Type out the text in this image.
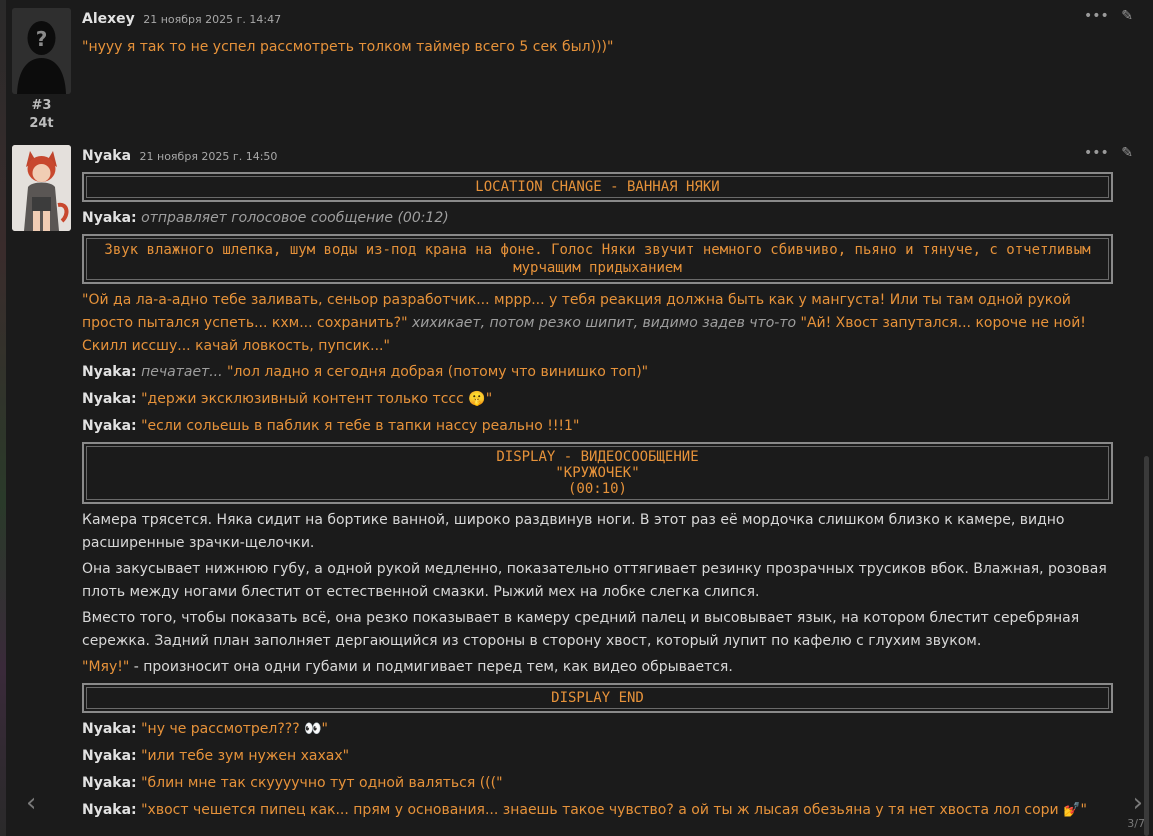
?
#3
24t
Alexey 21 ноября 2025 г. 14:47	••• ✎
"нууу я так то не успел рассмотреть толком таймер всего 5 сек был)))"
Nyaka 21 ноября 2025 г. 14:50	••• ✎
LOCATION CHANGE - ВАННАЯ НЯКИ
Nyaka: отправляет голосовое сообщение (00:12)
Звук влажного шлепка, шум воды из-под крана на фоне. Голос Няки звучит немного сбивчиво, пьяно и тянуче, с отчетливым мурчащим придыханием
"Ой да ла-а-адно тебе заливать, сеньор разработчик... мррр... у тебя реакция должна быть как у мангуста! Или ты там одной рукой просто пытался успеть... кхм... сохранить?" хихикает, потом резко шипит, видимо задев что-то "Ай! Хвост запутался... короче не ной! Скилл иссшу... качай ловкость, пупсик..."
Nyaka: печатает... "лол ладно я сегодня добрая (потому что винишко топ)"
Nyaka: "держи эксклюзивный контент только тссс 🤫"
Nyaka: "если сольешь в паблик я тебе в тапки нассу реально !!!1"
DISPLAY - ВИДЕОСООБЩЕНИЕ
"КРУЖОЧЕК"
(00:10)
Камера трясется. Няка сидит на бортике ванной, широко раздвинув ноги. В этот раз её мордочка слишком близко к камере, видно расширенные зрачки-щелочки.
Она закусывает нижнюю губу, а одной рукой медленно, показательно оттягивает резинку прозрачных трусиков вбок. Влажная, розовая плоть между ногами блестит от естественной смазки. Рыжий мех на лобке слегка слипся.
Вместо того, чтобы показать всё, она резко показывает в камеру средний палец и высовывает язык, на котором блестит серебряная сережка. Задний план заполняет дергающийся из стороны в сторону хвост, который лупит по кафелю с глухим звуком.
"Мяу!" - произносит она одни губами и подмигивает перед тем, как видео обрывается.
DISPLAY END
Nyaka: "ну че рассмотрел??? 👀"
Nyaka: "или тебе зум нужен хахах"
Nyaka: "блин мне так скуууучно тут одной валяться ((("
Nyaka: "хвост чешется пипец как... прям у основания... знаешь такое чувство? а ой ты ж лысая обезьяна у тя нет хвоста лол сори 💅"
‹	›
3/7
